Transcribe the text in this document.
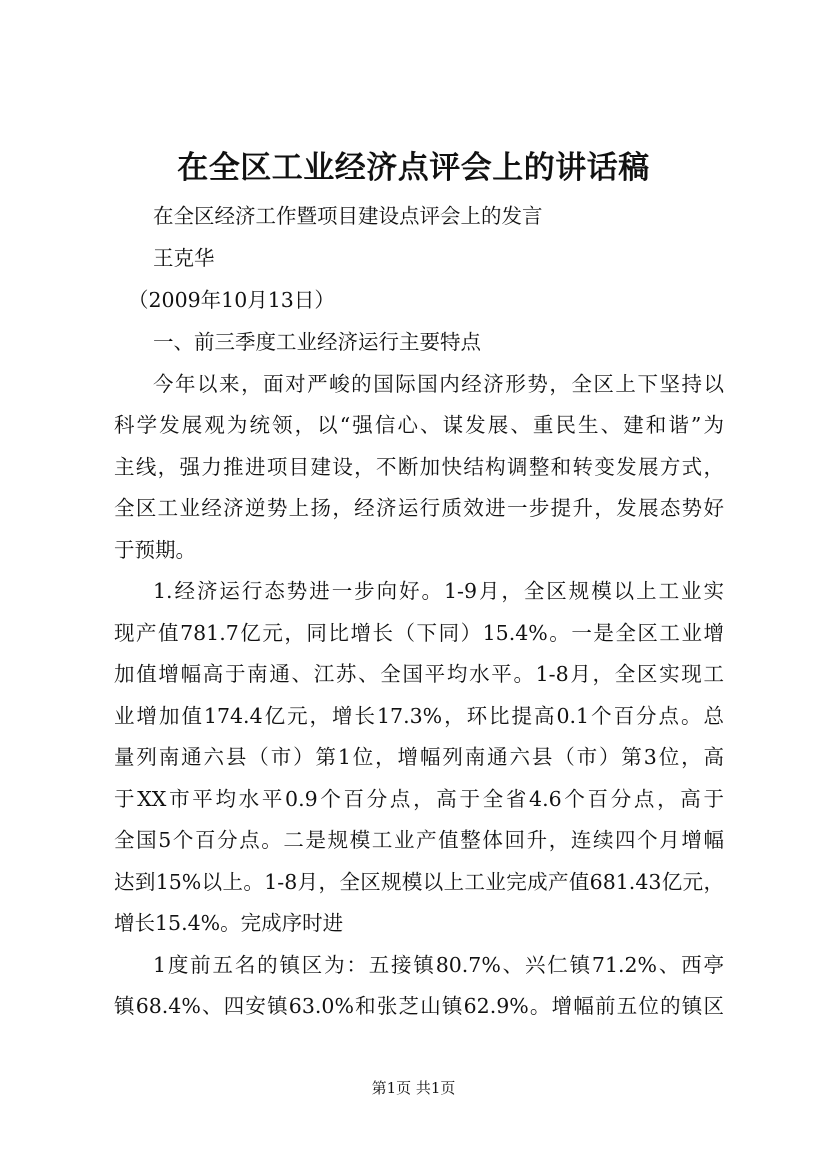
在全区工业经济点评会上的讲话稿
在全区经济工作暨项目建设点评会上的发言
王克华
（2009年10月13日）
一、前三季度工业经济运行主要特点
今年以来，面对严峻的国际国内经济形势，全区上下坚持以
科学发展观为统领，以“强信心、谋发展、重民生、建和谐”为
主线，强力推进项目建设，不断加快结构调整和转变发展方式，
全区工业经济逆势上扬，经济运行质效进一步提升，发展态势好
于预期。
1.经济运行态势进一步向好。1-9月，全区规模以上工业实
现产值781.7亿元，同比增长（下同）15.4%。一是全区工业增
加值增幅高于南通、江苏、全国平均水平。1-8月，全区实现工
业增加值174.4亿元，增长17.3%，环比提高0.1个百分点。总
量列南通六县（市）第1位，增幅列南通六县（市）第3位，高
于XX市平均水平0.9个百分点，高于全省4.6个百分点，高于
全国5个百分点。二是规模工业产值整体回升，连续四个月增幅
达到15%以上。1-8月，全区规模以上工业完成产值681.43亿元，
增长15.4%。完成序时进
1度前五名的镇区为：五接镇80.7%、兴仁镇71.2%、西亭
镇68.4%、四安镇63.0%和张芝山镇62.9%。增幅前五位的镇区
第1页 共1页
